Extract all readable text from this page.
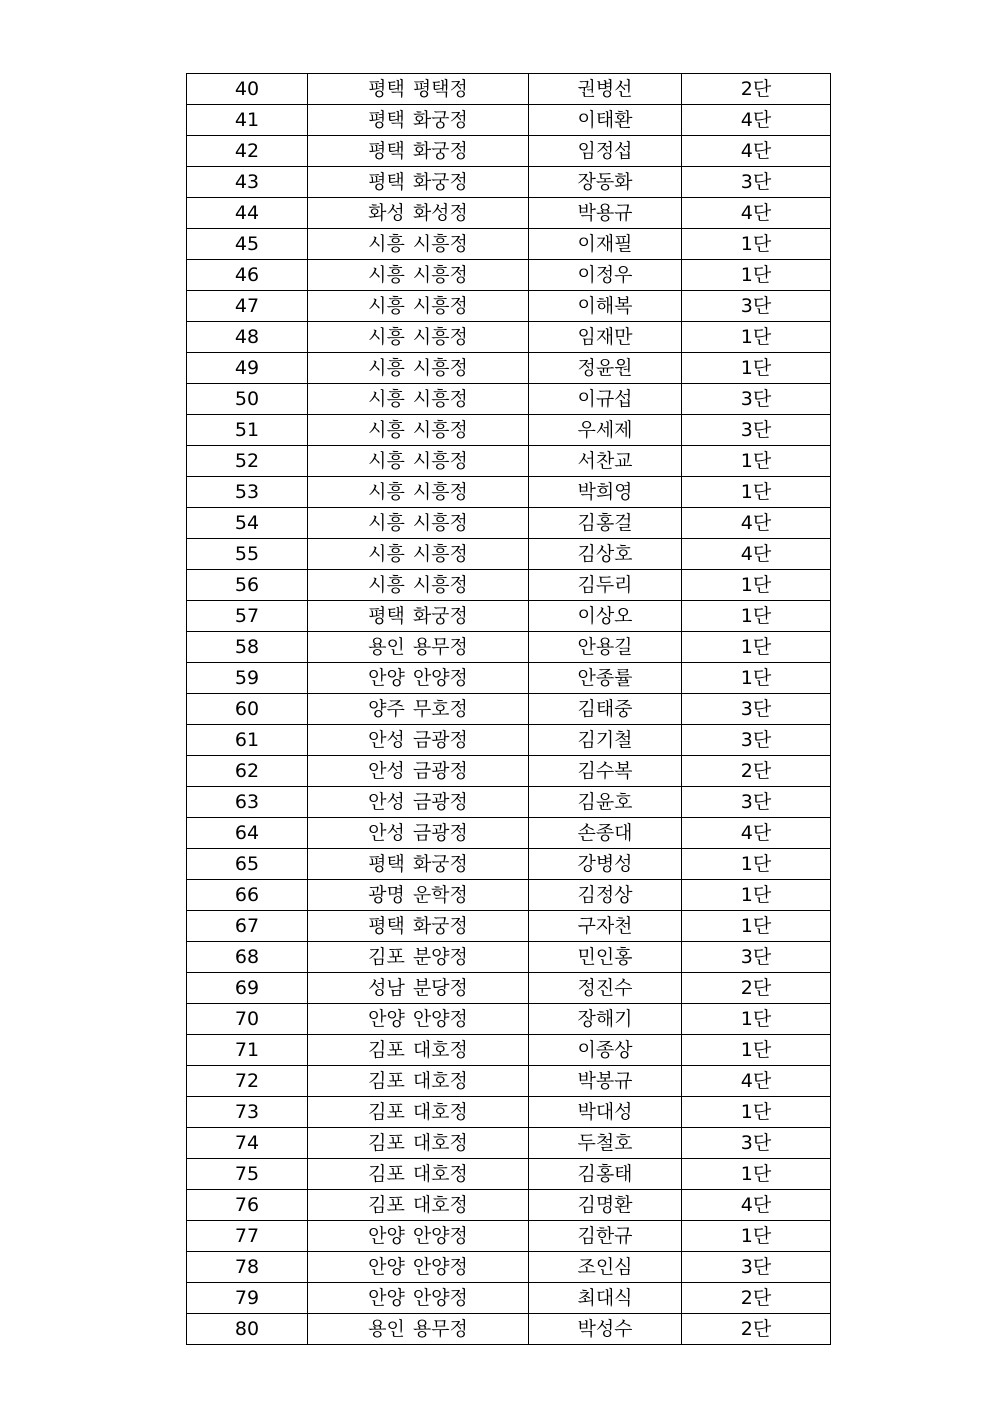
40	평택 평택정	권병선	2단
41	평택 화궁정	이태환	4단
42	평택 화궁정	임정섭	4단
43	평택 화궁정	장동화	3단
44	화성 화성정	박용규	4단
45	시흥 시흥정	이재필	1단
46	시흥 시흥정	이정우	1단
47	시흥 시흥정	이해복	3단
48	시흥 시흥정	임재만	1단
49	시흥 시흥정	정윤원	1단
50	시흥 시흥정	이규섭	3단
51	시흥 시흥정	우세제	3단
52	시흥 시흥정	서찬교	1단
53	시흥 시흥정	박희영	1단
54	시흥 시흥정	김홍걸	4단
55	시흥 시흥정	김상호	4단
56	시흥 시흥정	김두리	1단
57	평택 화궁정	이상오	1단
58	용인 용무정	안용길	1단
59	안양 안양정	안종률	1단
60	양주 무호정	김태중	3단
61	안성 금광정	김기철	3단
62	안성 금광정	김수복	2단
63	안성 금광정	김윤호	3단
64	안성 금광정	손종대	4단
65	평택 화궁정	강병성	1단
66	광명 운학정	김정상	1단
67	평택 화궁정	구자천	1단
68	김포 분양정	민인홍	3단
69	성남 분당정	정진수	2단
70	안양 안양정	장해기	1단
71	김포 대호정	이종상	1단
72	김포 대호정	박봉규	4단
73	김포 대호정	박대성	1단
74	김포 대호정	두철호	3단
75	김포 대호정	김홍태	1단
76	김포 대호정	김명환	4단
77	안양 안양정	김한규	1단
78	안양 안양정	조인심	3단
79	안양 안양정	최대식	2단
80	용인 용무정	박성수	2단
